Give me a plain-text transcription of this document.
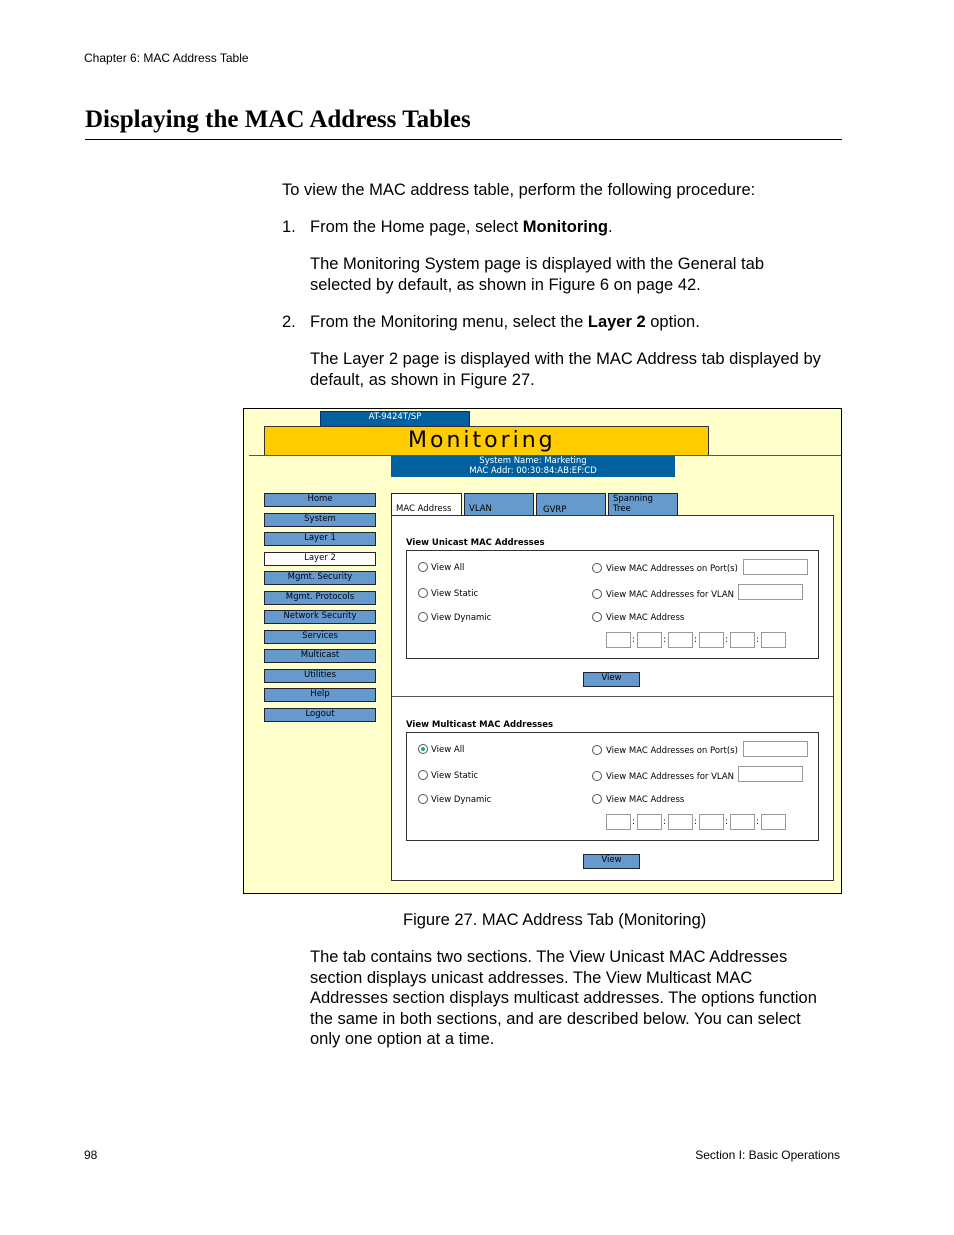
Chapter 6: MAC Address Table
Displaying the MAC Address Tables
To view the MAC address table, perform the following procedure:
1. From the Home page, select Monitoring.
The Monitoring System page is displayed with the General tab
selected by default, as shown in Figure 6 on page 42.
2. From the Monitoring menu, select the Layer 2 option.
The Layer 2 page is displayed with the MAC Address tab displayed by
default, as shown in Figure 27.
AT-9424T/SP
Monitoring
System Name: Marketing
MAC Addr: 00:30:84:AB:EF:CD
Home
System
Layer 1
Layer 2
Mgmt. Security
Mgmt. Protocols
Network Security
Services
Multicast
Utilities
Help
Logout
MAC Address VLAN	GVRP
Spanning Tree
View Unicast MAC Addresses
View All
View Static
View Dynamic
View MAC Addresses on Port(s)
View MAC Addresses for VLAN
View MAC Address
:	:	:	:	:
View
View Multicast MAC Addresses
View All
View Static
View Dynamic
View MAC Addresses on Port(s)
View MAC Addresses for VLAN
View MAC Address
:	:	:	:	:
View
Figure 27. MAC Address Tab (Monitoring)
The tab contains two sections. The View Unicast MAC Addresses
section displays unicast addresses. The View Multicast MAC
Addresses section displays multicast addresses. The options function
the same in both sections, and are described below. You can select
only one option at a time.
98	Section I: Basic Operations
